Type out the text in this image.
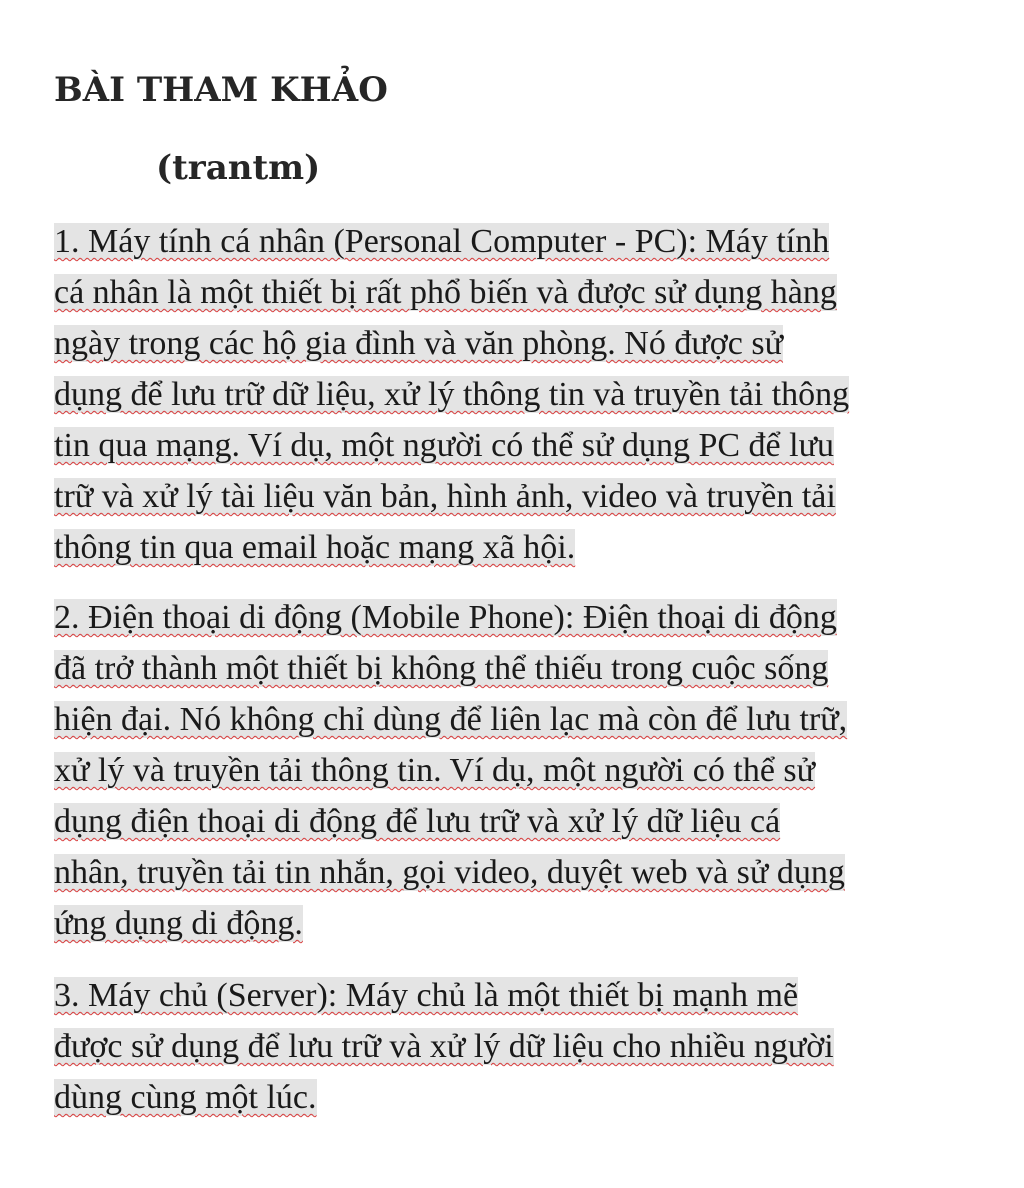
BÀI THAM KHẢO
(trantm)
1. Máy tính cá nhân (Personal Computer - PC): Máy tính
cá nhân là một thiết bị rất phổ biến và được sử dụng hàng
ngày trong các hộ gia đình và văn phòng. Nó được sử
dụng để lưu trữ dữ liệu, xử lý thông tin và truyền tải thông
tin qua mạng. Ví dụ, một người có thể sử dụng PC để lưu
trữ và xử lý tài liệu văn bản, hình ảnh, video và truyền tải
thông tin qua email hoặc mạng xã hội.
2. Điện thoại di động (Mobile Phone): Điện thoại di động
đã trở thành một thiết bị không thể thiếu trong cuộc sống
hiện đại. Nó không chỉ dùng để liên lạc mà còn để lưu trữ,
xử lý và truyền tải thông tin. Ví dụ, một người có thể sử
dụng điện thoại di động để lưu trữ và xử lý dữ liệu cá
nhân, truyền tải tin nhắn, gọi video, duyệt web và sử dụng
ứng dụng di động.
3. Máy chủ (Server): Máy chủ là một thiết bị mạnh mẽ
được sử dụng để lưu trữ và xử lý dữ liệu cho nhiều người
dùng cùng một lúc.
